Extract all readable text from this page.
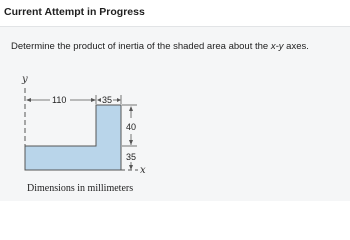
Current Attempt in Progress
Determine the product of inertia of the shaded area about the x-y axes.
y
x
110	35
40
35
Dimensions in millimeters
